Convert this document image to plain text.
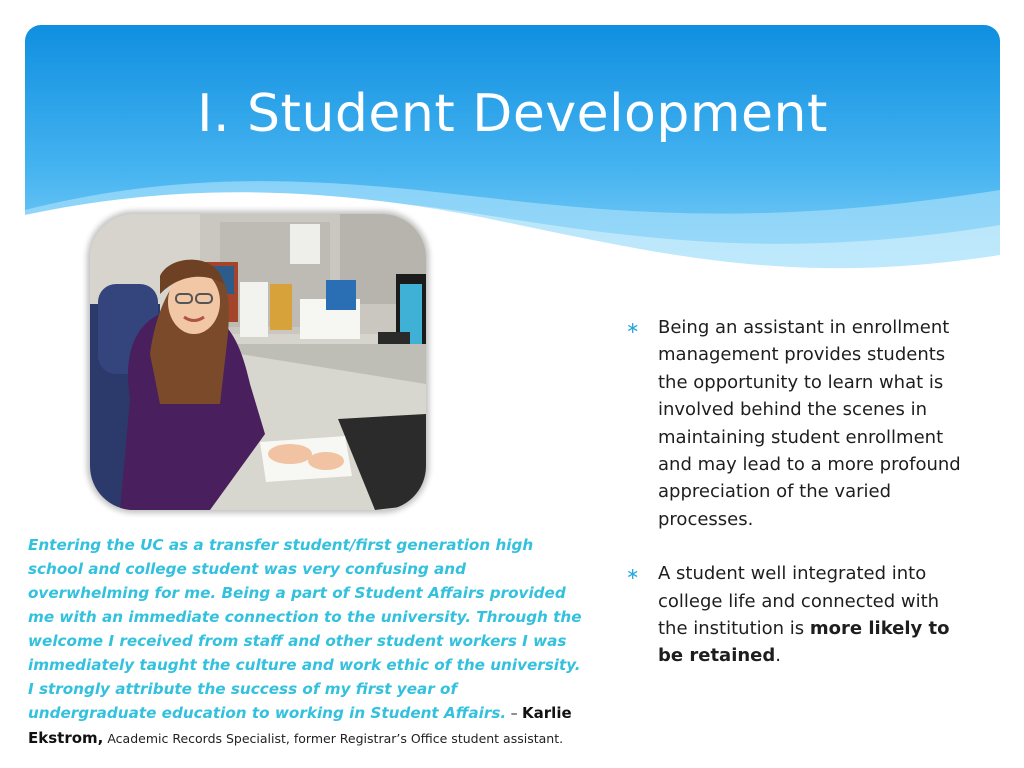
I. Student Development
Entering the UC as a transfer student/first generation high school and college student was very confusing and overwhelming for me. Being a part of Student Affairs provided me with an immediate connection to the university. Through the welcome I received from staff and other student workers I was immediately taught the culture and work ethic of the university. I strongly attribute the success of my first year of undergraduate education to working in Student Affairs. – Karlie Ekstrom, Academic Records Specialist, former Registrar’s Office student assistant.
∗ Being an assistant in enrollment management provides students the opportunity to learn what is involved behind the scenes in maintaining student enrollment and may lead to a more profound appreciation of the varied processes.
∗ A student well integrated into college life and connected with the institution is more likely to be retained.
